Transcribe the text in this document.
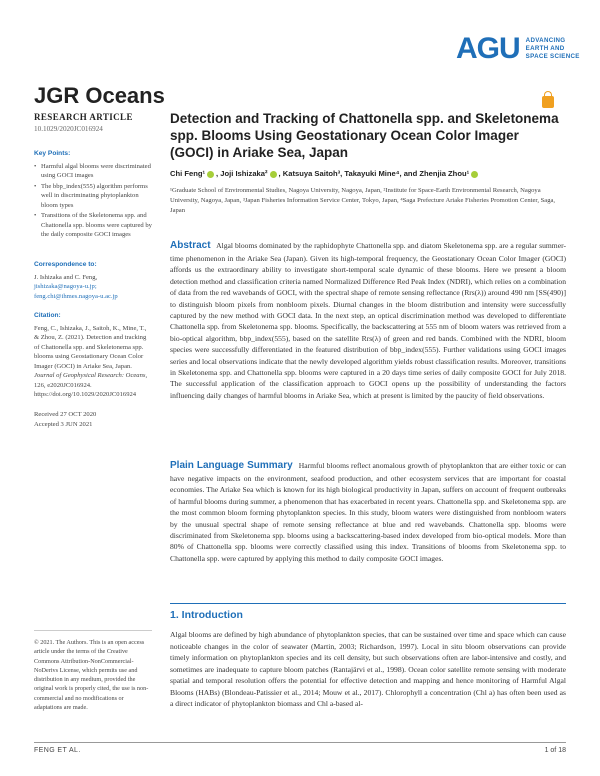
AGU ADVANCING
EARTH AND
SPACE SCIENCE
JGR Oceans
RESEARCH ARTICLE
10.1029/2020JC016924
Key Points:
• Harmful algal blooms were discriminated using GOCI images
• The bbp_index(555) algorithm performs well in discriminating phytoplankton bloom types
• Transitions of the Skeletonema spp. and Chattonella spp. blooms were captured by the daily composite GOCI images
Correspondence to:
J. Ishizaka and C. Feng,
jishizaka@nagoya-u.jp;
feng.chi@ihmes.nagoya-u.ac.jp
Citation:
Feng, C., Ishizaka, J., Saitoh, K., Mine, T., & Zhou, Z. (2021). Detection and tracking of Chattonella spp. and Skeletonema spp. blooms using Geostationary Ocean Color Imager (GOCI) in Ariake Sea, Japan. Journal of Geophysical Research: Oceans, 126, e2020JC016924. https://doi.org/10.1029/2020JC016924
Received 27 OCT 2020
Accepted 3 JUN 2021
© 2021. The Authors. This is an open access article under the terms of the Creative Commons Attribution-NonCommercial-NoDerivs License, which permits use and distribution in any medium, provided the original work is properly cited, the use is non-commercial and no modifications or adaptations are made.
Detection and Tracking of Chattonella spp. and Skeletonema spp. Blooms Using Geostationary Ocean Color Imager (GOCI) in Ariake Sea, Japan
Chi Feng¹ , Joji Ishizaka² , Katsuya Saitoh³, Takayuki Mine⁴, and Zhenjia Zhou¹
¹Graduate School of Environmental Studies, Nagoya University, Nagoya, Japan, ²Institute for Space-Earth Environmental Research, Nagoya University, Nagoya, Japan, ³Japan Fisheries Information Service Center, Tokyo, Japan, ⁴Saga Prefecture Ariake Fisheries Promotion Center, Saga, Japan
Abstract Algal blooms dominated by the raphidophyte Chattonella spp. and diatom Skeletonema spp. are a regular summer-time phenomenon in the Ariake Sea (Japan). Given its high-temporal frequency, the Geostationary Ocean Color Imager (GOCI) affords us the extraordinary ability to investigate short-temporal scale dynamic of these blooms. Here we present a bloom detection method and classification criteria named Normalized Difference Red Peak Index (NDRI), which relies on a combination of data from the red wavebands of GOCI, with the spectral shape of remote sensing reflectance (Rrs(λ)) around 490 nm [SS(490)] to distinguish bloom pixels from nonbloom pixels. Diurnal changes in the bloom distribution and intensity were successfully captured by the new method with GOCI data. In the next step, an optical discrimination method was developed to differentiate Chattonella spp. from Skeletonema spp. blooms. Specifically, the backscattering at 555 nm of bloom waters was retrieved from a bio-optical algorithm, bbp_index(555), based on the satellite Rrs(λ) of green and red bands. Combined with the NDRI, bloom species were successfully differentiated in the featured distribution of bbp_index(555). Further validations using GOCI images series and local observations indicate that the newly developed algorithm yields robust classification results. Moreover, transitions in Skeletonema spp. and Chattonella spp. blooms were captured in a 20 days time series of daily composite GOCI for July 2018. The successful application of the classification approach to GOCI opens up the possibility of understanding the factors influencing daily changes of harmful blooms in Ariake Sea, which at present is limited by the paucity of field observations.
Plain Language Summary Harmful blooms reflect anomalous growth of phytoplankton that are either toxic or can have negative impacts on the environment, seafood production, and other ecosystem services that are important for coastal economies. The Ariake Sea which is known for its high biological productivity in Japan, suffers on account of frequent outbreaks of harmful blooms during summer, a phenomenon that has exacerbated in recent years. Chattonella spp. and Skeletonema spp. are the most common bloom forming phytoplankton species. In this study, bloom waters were distinguished from nonbloom waters by the unusual spectral shape of remote sensing reflectance at blue and red wavebands. Chattonella spp. blooms were discriminated from Skeletonema spp. blooms using a backscattering-based index developed from bio-optical models. More than 80% of Chattonella spp. blooms were correctly classified using this index. Transitions of blooms from Skeletonema spp. to Chattonella spp. were captured by applying this method to daily composite GOCI images.
1. Introduction
Algal blooms are defined by high abundance of phytoplankton species, that can be sustained over time and space which can cause noticeable changes in the color of seawater (Martin, 2003; Richardson, 1997). Local in situ bloom observations can provide timely information on phytoplankton species and its cell density, but such observations often are labor-intensive and costly, and sometimes are inadequate to capture bloom patches (Rantajärvi et al., 1998). Ocean color satellite remote sensing with moderate spatial and temporal resolution offers the potential for effective detection and mapping and hence monitoring of Harmful Algal Blooms (HABs) (Blondeau-Patissier et al., 2014; Mouw et al., 2017). Chlorophyll a concentration (Chl a) has often been used as a direct indicator of phytoplankton biomass and Chl a-based al-
FENG ET AL.	1 of 18
